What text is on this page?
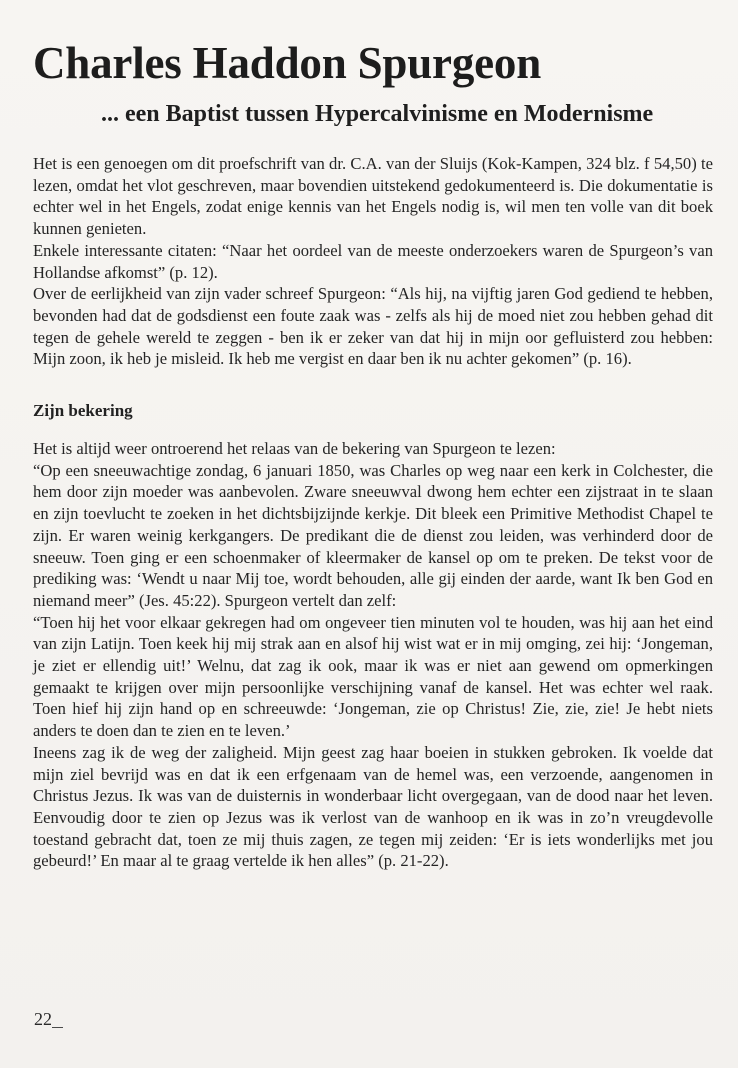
Charles Haddon Spurgeon
... een Baptist tussen Hypercalvinisme en Modernisme

Het is een genoegen om dit proefschrift van dr. C.A. van der Sluijs (Kok-Kampen, 324 blz. f 54,50) te lezen, omdat het vlot geschreven, maar bovendien uitstekend gedokumenteerd is. Die dokumentatie is echter wel in het Engels, zodat enige kennis van het Engels nodig is, wil men ten volle van dit boek kunnen genieten.

Enkele interessante citaten: “Naar het oordeel van de meeste onderzoekers waren de Spurgeon’s van Hollandse afkomst” (p. 12).

Over de eerlijkheid van zijn vader schreef Spurgeon: “Als hij, na vijftig jaren God gediend te hebben, bevonden had dat de godsdienst een foute zaak was - zelfs als hij de moed niet zou hebben gehad dit tegen de gehele wereld te zeggen - ben ik er zeker van dat hij in mijn oor gefluisterd zou hebben: Mijn zoon, ik heb je misleid. Ik heb me vergist en daar ben ik nu achter gekomen” (p. 16).

Zijn bekering

Het is altijd weer ontroerend het relaas van de bekering van Spurgeon te lezen:

“Op een sneeuwachtige zondag, 6 januari 1850, was Charles op weg naar een kerk in Colchester, die hem door zijn moeder was aanbevolen. Zware sneeuwval dwong hem echter een zijstraat in te slaan en zijn toevlucht te zoeken in het dichtsbijzijnde kerkje. Dit bleek een Primitive Methodist Chapel te zijn. Er waren weinig kerkgangers. De predikant die de dienst zou leiden, was verhinderd door de sneeuw. Toen ging er een schoenmaker of kleermaker de kansel op om te preken. De tekst voor de prediking was: ‘Wendt u naar Mij toe, wordt behouden, alle gij einden der aarde, want Ik ben God en niemand meer” (Jes. 45:22). Spurgeon vertelt dan zelf:

“Toen hij het voor elkaar gekregen had om ongeveer tien minuten vol te houden, was hij aan het eind van zijn Latijn. Toen keek hij mij strak aan en alsof hij wist wat er in mij omging, zei hij: ‘Jongeman, je ziet er ellendig uit!’ Welnu, dat zag ik ook, maar ik was er niet aan gewend om opmerkingen gemaakt te krijgen over mijn persoonlijke verschijning vanaf de kansel. Het was echter wel raak. Toen hief hij zijn hand op en schreeuwde: ‘Jongeman, zie op Christus! Zie, zie, zie! Je hebt niets anders te doen dan te zien en te leven.’

Ineens zag ik de weg der zaligheid. Mijn geest zag haar boeien in stukken gebroken. Ik voelde dat mijn ziel bevrijd was en dat ik een erfgenaam van de hemel was, een verzoende, aangenomen in Christus Jezus. Ik was van de duisternis in wonderbaar licht overgegaan, van de dood naar het leven. Eenvoudig door te zien op Jezus was ik verlost van de wanhoop en ik was in zo’n vreugdevolle toestand gebracht dat, toen ze mij thuis zagen, ze tegen mij zeiden: ‘Er is iets wonderlijks met jou gebeurd!’ En maar al te graag vertelde ik hen alles” (p. 21-22).

22
